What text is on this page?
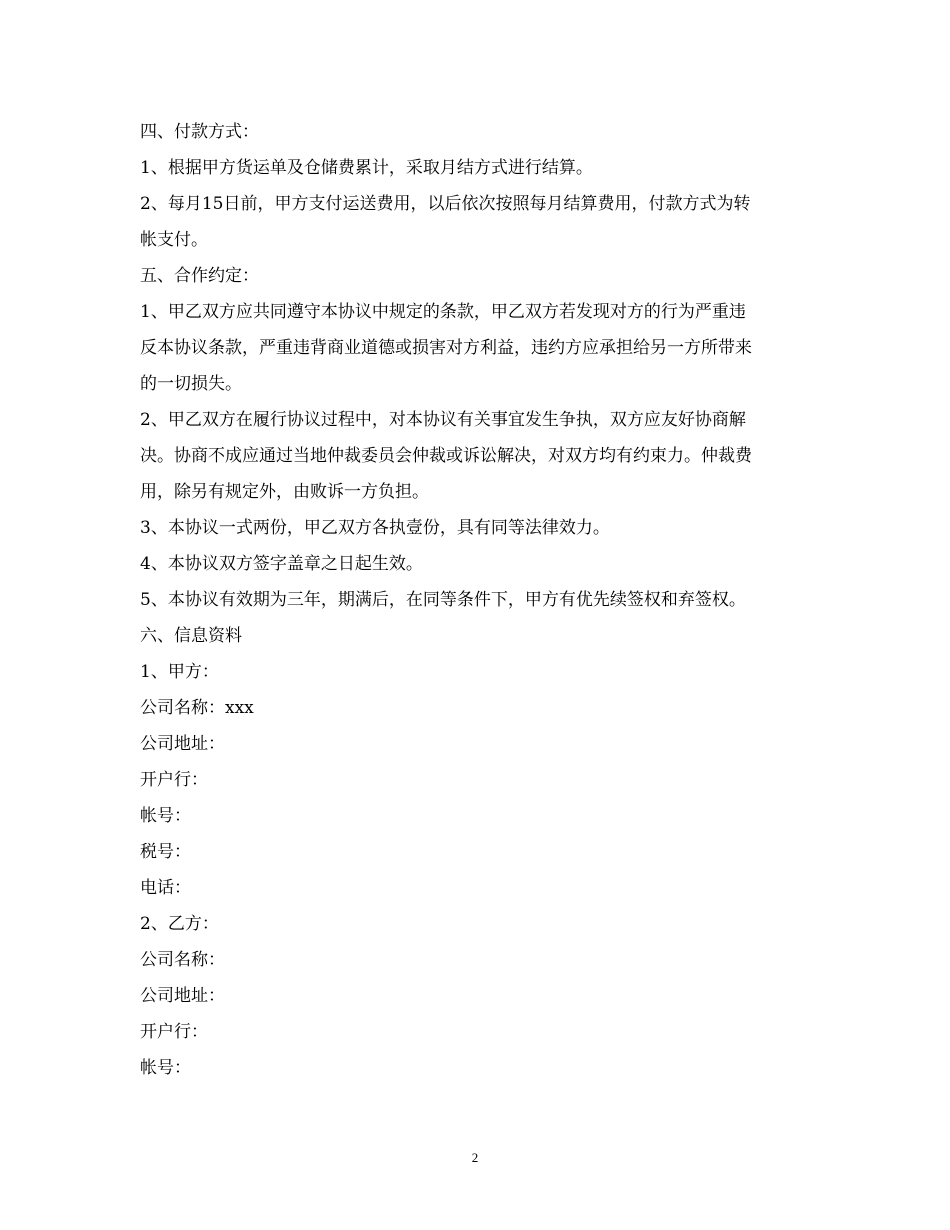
四、付款方式：
1、根据甲方货运单及仓储费累计，采取月结方式进行结算。
2、每月15日前，甲方支付运送费用，以后依次按照每月结算费用，付款方式为转
帐支付。
五、合作约定：
1、甲乙双方应共同遵守本协议中规定的条款，甲乙双方若发现对方的行为严重违
反本协议条款，严重违背商业道德或损害对方利益，违约方应承担给另一方所带来
的一切损失。
2、甲乙双方在履行协议过程中，对本协议有关事宜发生争执，双方应友好协商解
决。协商不成应通过当地仲裁委员会仲裁或诉讼解决，对双方均有约束力。仲裁费
用，除另有规定外，由败诉一方负担。
3、本协议一式两份，甲乙双方各执壹份，具有同等法律效力。
4、本协议双方签字盖章之日起生效。
5、本协议有效期为三年，期满后，在同等条件下，甲方有优先续签权和弃签权。
六、信息资料
1、甲方：
公司名称：xxx
公司地址：
开户行：
帐号：
税号：
电话：
2、乙方：
公司名称：
公司地址：
开户行：
帐号：
2
